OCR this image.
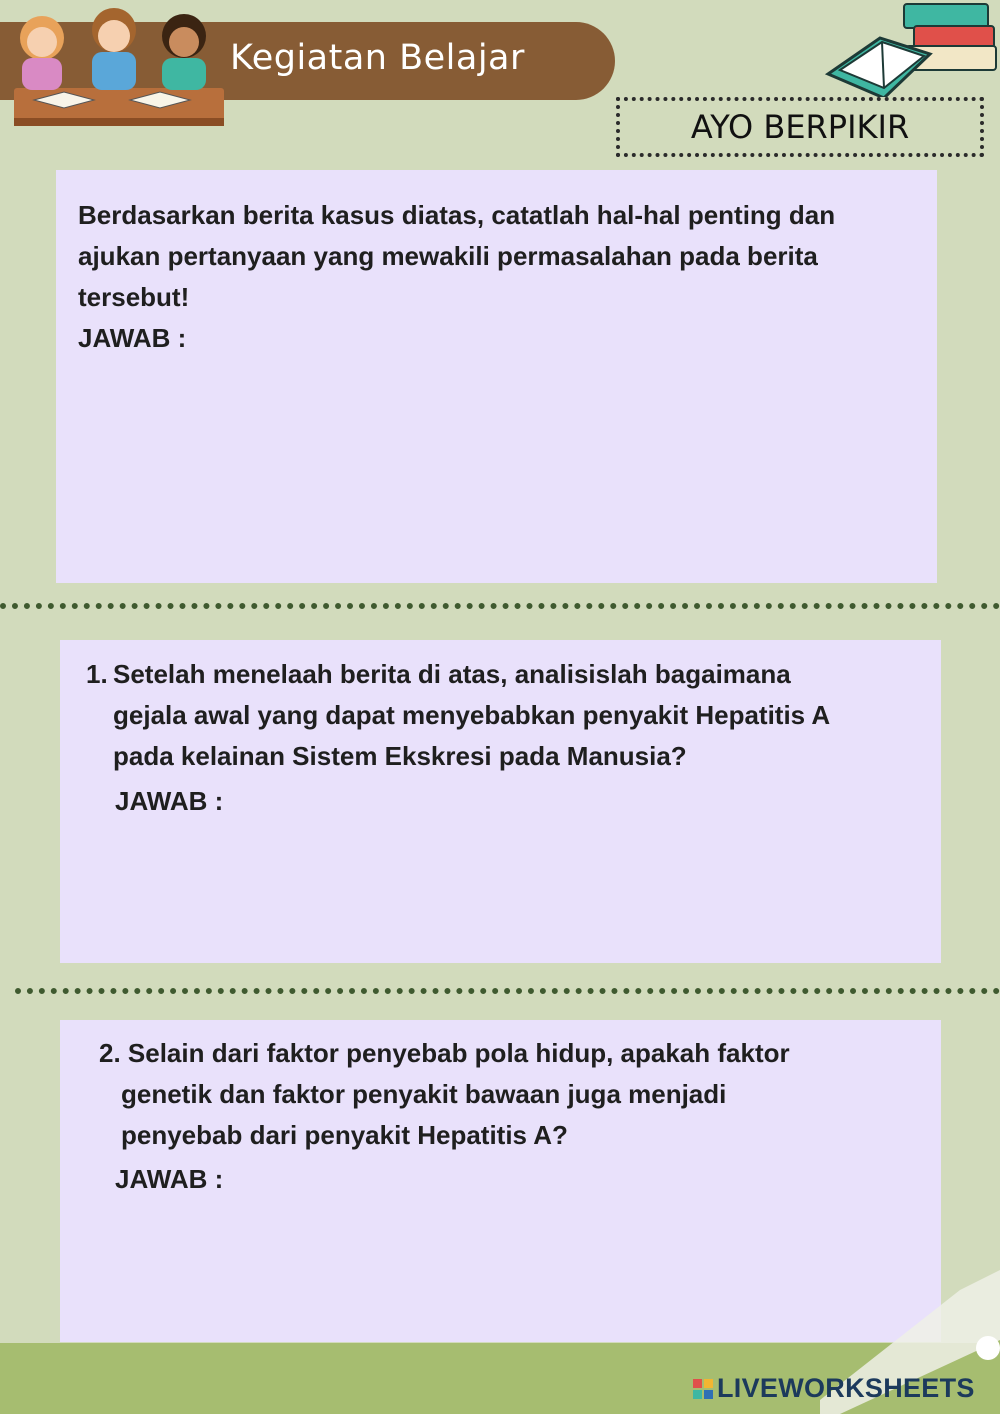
Kegiatan Belajar
AYO BERPIKIR
Berdasarkan berita kasus diatas, catatlah hal-hal penting dan
ajukan pertanyaan yang mewakili permasalahan pada berita
tersebut!
JAWAB :
1. Setelah menelaah berita di atas, analisislah bagaimana
gejala awal yang dapat menyebabkan penyakit Hepatitis A
pada kelainan Sistem Ekskresi pada Manusia?
JAWAB :
2. Selain dari faktor penyebab pola hidup, apakah faktor
genetik dan faktor penyakit bawaan juga menjadi
penyebab dari penyakit Hepatitis A?
JAWAB :
LIVEWORKSHEETS
